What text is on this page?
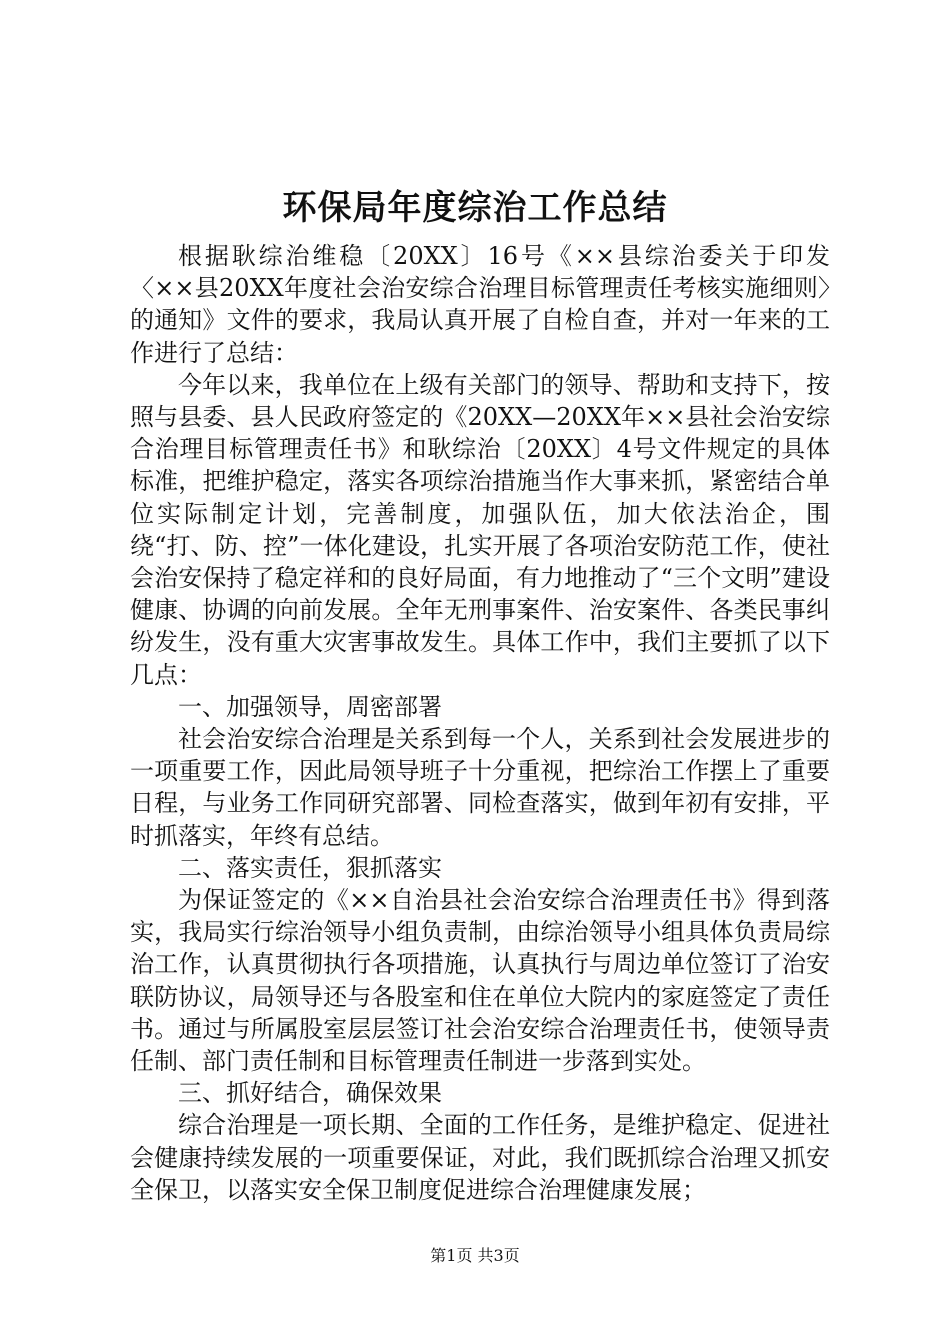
环保局年度综治工作总结

根据耿综治维稳〔20XX〕16号《××县综治委关于印发〈××县20XX年度社会治安综合治理目标管理责任考核实施细则〉的通知》文件的要求，我局认真开展了自检自查，并对一年来的工作进行了总结：

今年以来，我单位在上级有关部门的领导、帮助和支持下，按照与县委、县人民政府签定的《20XX—20XX年××县社会治安综合治理目标管理责任书》和耿综治〔20XX〕4号文件规定的具体标准，把维护稳定，落实各项综治措施当作大事来抓，紧密结合单位实际制定计划，完善制度，加强队伍，加大依法治企，围绕“打、防、控”一体化建设，扎实开展了各项治安防范工作，使社会治安保持了稳定祥和的良好局面，有力地推动了“三个文明”建设健康、协调的向前发展。全年无刑事案件、治安案件、各类民事纠纷发生，没有重大灾害事故发生。具体工作中，我们主要抓了以下几点：

一、加强领导，周密部署

社会治安综合治理是关系到每一个人，关系到社会发展进步的一项重要工作，因此局领导班子十分重视，把综治工作摆上了重要日程，与业务工作同研究部署、同检查落实，做到年初有安排，平时抓落实，年终有总结。

二、落实责任，狠抓落实

为保证签定的《××自治县社会治安综合治理责任书》得到落实，我局实行综治领导小组负责制，由综治领导小组具体负责局综治工作，认真贯彻执行各项措施，认真执行与周边单位签订了治安联防协议，局领导还与各股室和住在单位大院内的家庭签定了责任书。通过与所属股室层层签订社会治安综合治理责任书，使领导责任制、部门责任制和目标管理责任制进一步落到实处。

三、抓好结合，确保效果

综合治理是一项长期、全面的工作任务，是维护稳定、促进社会健康持续发展的一项重要保证，对此，我们既抓综合治理又抓安全保卫，以落实安全保卫制度促进综合治理健康发展；

第1页 共3页
